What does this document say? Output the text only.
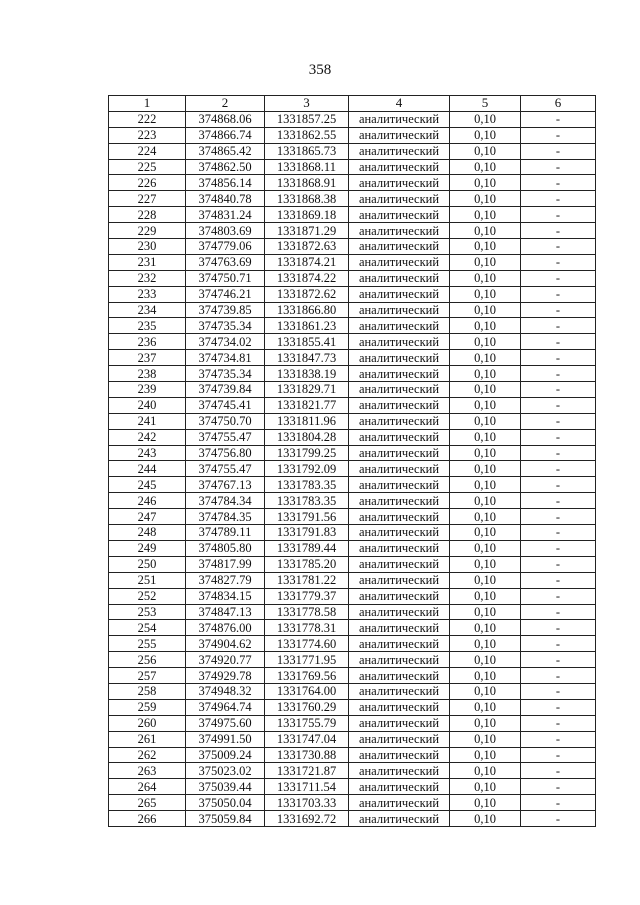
358
1	2	3	4	5	6
222	374868.06	1331857.25	аналитический	0,10	-
223	374866.74	1331862.55	аналитический	0,10	-
224	374865.42	1331865.73	аналитический	0,10	-
225	374862.50	1331868.11	аналитический	0,10	-
226	374856.14	1331868.91	аналитический	0,10	-
227	374840.78	1331868.38	аналитический	0,10	-
228	374831.24	1331869.18	аналитический	0,10	-
229	374803.69	1331871.29	аналитический	0,10	-
230	374779.06	1331872.63	аналитический	0,10	-
231	374763.69	1331874.21	аналитический	0,10	-
232	374750.71	1331874.22	аналитический	0,10	-
233	374746.21	1331872.62	аналитический	0,10	-
234	374739.85	1331866.80	аналитический	0,10	-
235	374735.34	1331861.23	аналитический	0,10	-
236	374734.02	1331855.41	аналитический	0,10	-
237	374734.81	1331847.73	аналитический	0,10	-
238	374735.34	1331838.19	аналитический	0,10	-
239	374739.84	1331829.71	аналитический	0,10	-
240	374745.41	1331821.77	аналитический	0,10	-
241	374750.70	1331811.96	аналитический	0,10	-
242	374755.47	1331804.28	аналитический	0,10	-
243	374756.80	1331799.25	аналитический	0,10	-
244	374755.47	1331792.09	аналитический	0,10	-
245	374767.13	1331783.35	аналитический	0,10	-
246	374784.34	1331783.35	аналитический	0,10	-
247	374784.35	1331791.56	аналитический	0,10	-
248	374789.11	1331791.83	аналитический	0,10	-
249	374805.80	1331789.44	аналитический	0,10	-
250	374817.99	1331785.20	аналитический	0,10	-
251	374827.79	1331781.22	аналитический	0,10	-
252	374834.15	1331779.37	аналитический	0,10	-
253	374847.13	1331778.58	аналитический	0,10	-
254	374876.00	1331778.31	аналитический	0,10	-
255	374904.62	1331774.60	аналитический	0,10	-
256	374920.77	1331771.95	аналитический	0,10	-
257	374929.78	1331769.56	аналитический	0,10	-
258	374948.32	1331764.00	аналитический	0,10	-
259	374964.74	1331760.29	аналитический	0,10	-
260	374975.60	1331755.79	аналитический	0,10	-
261	374991.50	1331747.04	аналитический	0,10	-
262	375009.24	1331730.88	аналитический	0,10	-
263	375023.02	1331721.87	аналитический	0,10	-
264	375039.44	1331711.54	аналитический	0,10	-
265	375050.04	1331703.33	аналитический	0,10	-
266	375059.84	1331692.72	аналитический	0,10	-
